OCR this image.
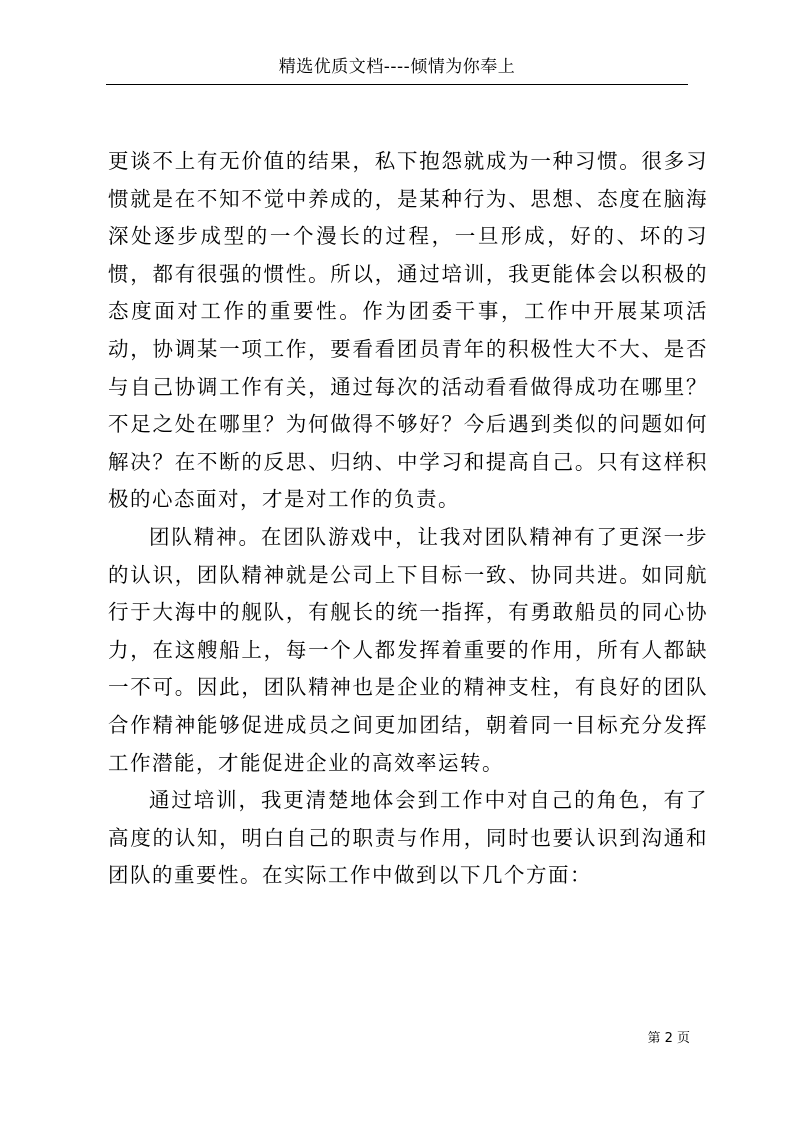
精选优质文档----倾情为你奉上

更谈不上有无价值的结果，私下抱怨就成为一种习惯。很多习惯就是在不知不觉中养成的，是某种行为、思想、态度在脑海深处逐步成型的一个漫长的过程，一旦形成，好的、坏的习惯，都有很强的惯性。所以，通过培训，我更能体会以积极的态度面对工作的重要性。作为团委干事，工作中开展某项活动，协调某一项工作，要看看团员青年的积极性大不大、是否与自己协调工作有关，通过每次的活动看看做得成功在哪里？不足之处在哪里？为何做得不够好？今后遇到类似的问题如何解决？在不断的反思、归纳、中学习和提高自己。只有这样积极的心态面对，才是对工作的负责。

团队精神。在团队游戏中，让我对团队精神有了更深一步的认识，团队精神就是公司上下目标一致、协同共进。如同航行于大海中的舰队，有舰长的统一指挥，有勇敢船员的同心协力，在这艘船上，每一个人都发挥着重要的作用，所有人都缺一不可。因此，团队精神也是企业的精神支柱，有良好的团队合作精神能够促进成员之间更加团结，朝着同一目标充分发挥工作潜能，才能促进企业的高效率运转。

通过培训，我更清楚地体会到工作中对自己的角色，有了高度的认知，明白自己的职责与作用，同时也要认识到沟通和团队的重要性。在实际工作中做到以下几个方面：

第 2 页
